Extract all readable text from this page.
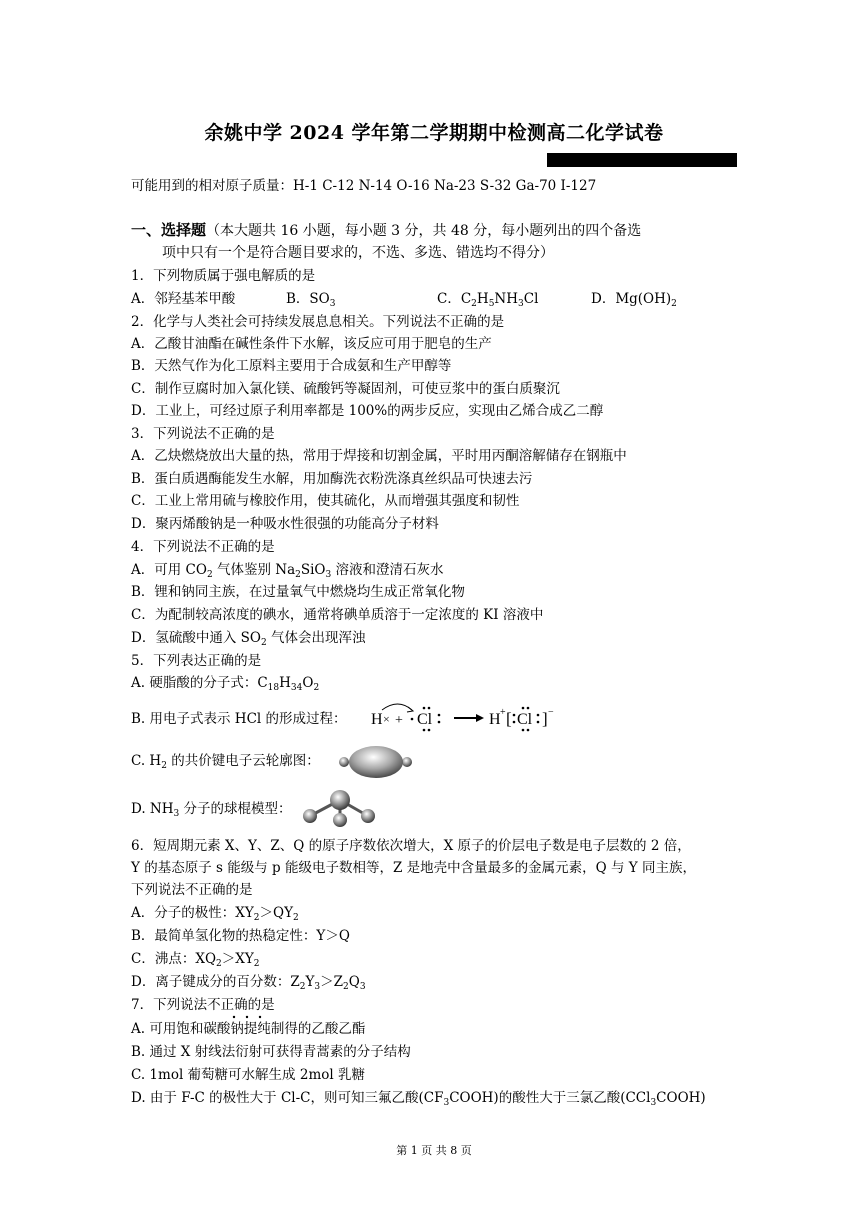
余姚中学 2024 学年第二学期期中检测高二化学试卷
可能用到的相对原子质量：H-1 C-12 N-14 O-16 Na-23 S-32 Ga-70 I-127
一、选择题（本大题共 16 小题，每小题 3 分，共 48 分，每小题列出的四个备选
项中只有一个是符合题目要求的，不选、多选、错选均不得分）
1．下列物质属于强电解质的是
A．邻羟基苯甲酸	B．$SO_3$	C．$C_2H_5NH_3Cl$	D．$Mg(OH)_2$
2．化学与人类社会可持续发展息息相关。下列说法不正确的是
A．乙酸甘油酯在碱性条件下水解，该反应可用于肥皂的生产
B．天然气作为化工原料主要用于合成氨和生产甲醇等
C．制作豆腐时加入氯化镁、硫酸钙等凝固剂，可使豆浆中的蛋白质聚沉
D．工业上，可经过原子利用率都是 100%的两步反应，实现由乙烯合成乙二醇
3．下列说法不正确的是
A．乙炔燃烧放出大量的热，常用于焊接和切割金属，平时用丙酮溶解储存在钢瓶中
B．蛋白质遇酶能发生水解，用加酶洗衣粉洗涤真丝织品可快速去污
C．工业上常用硫与橡胶作用，使其硫化，从而增强其强度和韧性
D．聚丙烯酸钠是一种吸水性很强的功能高分子材料
4．下列说法不正确的是
A．可用 $CO_2$ 气体鉴别 $Na_2SiO_3$ 溶液和澄清石灰水
B．锂和钠同主族，在过量氧气中燃烧均生成正常氧化物
C．为配制较高浓度的碘水，通常将碘单质溶于一定浓度的 KI 溶液中
D．氢硫酸中通入 $SO_2$ 气体会出现浑浊
5．下列表达正确的是
A. 硬脂酸的分子式：$C_{18}H_{34}O_2$
B. 用电子式表示 HCl 的形成过程： H × + Cl	H + [ Cl ] −
C. $H_2$ 的共价键电子云轮廓图：
D. $NH_3$ 分子的球棍模型：
6．短周期元素 X、Y、Z、Q 的原子序数依次增大，X 原子的价层电子数是电子层数的 2 倍，
Y 的基态原子 s 能级与 p 能级电子数相等，Z 是地壳中含量最多的金属元素，Q 与 Y 同主族，
下列说法不正确的是
A．分子的极性：$XY_2>QY_2$
B．最简单氢化物的热稳定性：Y＞Q
C．沸点：$XQ_2>XY_2$
D．离子键成分的百分数：$Z_2Y_3>Z_2Q_3$
7．下列说法不正确的是
A. 可用饱和碳酸钠提纯制得的乙酸乙酯
B. 通过 X 射线法衍射可获得青蒿素的分子结构
C. 1mol 葡萄糖可水解生成 2mol 乳糖
D. 由于 F-C 的极性大于 Cl-C，则可知三氟乙酸$(CF_3COOH)$的酸性大于三氯乙酸(CCl$_3$COOH)
第 1 页 共 8 页
